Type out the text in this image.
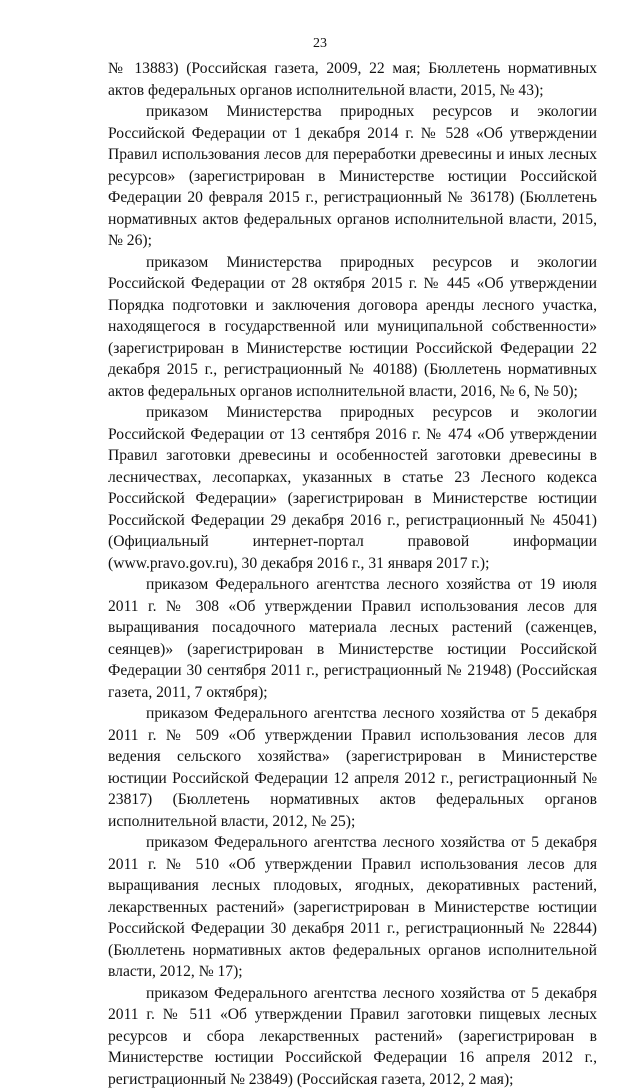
23

№ 13883) (Российская газета, 2009, 22 мая; Бюллетень нормативных актов федеральных органов исполнительной власти, 2015, № 43);

приказом Министерства природных ресурсов и экологии Российской Федерации от 1 декабря 2014 г. № 528 «Об утверждении Правил использования лесов для переработки древесины и иных лесных ресурсов» (зарегистрирован в Министерстве юстиции Российской Федерации 20 февраля 2015 г., регистрационный № 36178) (Бюллетень нормативных актов федеральных органов исполнительной власти, 2015, № 26);

приказом Министерства природных ресурсов и экологии Российской Федерации от 28 октября 2015 г. № 445 «Об утверждении Порядка подготовки и заключения договора аренды лесного участка, находящегося в государственной или муниципальной собственности» (зарегистрирован в Министерстве юстиции Российской Федерации 22 декабря 2015 г., регистрационный № 40188) (Бюллетень нормативных актов федеральных органов исполнительной власти, 2016, № 6, № 50);

приказом Министерства природных ресурсов и экологии Российской Федерации от 13 сентября 2016 г. № 474 «Об утверждении Правил заготовки древесины и особенностей заготовки древесины в лесничествах, лесопарках, указанных в статье 23 Лесного кодекса Российской Федерации» (зарегистрирован в Министерстве юстиции Российской Федерации 29 декабря 2016 г., регистрационный № 45041) (Официальный интернет-портал правовой информации (www.pravo.gov.ru), 30 декабря 2016 г., 31 января 2017 г.);

приказом Федерального агентства лесного хозяйства от 19 июля 2011 г. № 308 «Об утверждении Правил использования лесов для выращивания посадочного материала лесных растений (саженцев, сеянцев)» (зарегистрирован в Министерстве юстиции Российской Федерации 30 сентября 2011 г., регистрационный № 21948) (Российская газета, 2011, 7 октября);

приказом Федерального агентства лесного хозяйства от 5 декабря 2011 г. № 509 «Об утверждении Правил использования лесов для ведения сельского хозяйства» (зарегистрирован в Министерстве юстиции Российской Федерации 12 апреля 2012 г., регистрационный № 23817) (Бюллетень нормативных актов федеральных органов исполнительной власти, 2012, № 25);

приказом Федерального агентства лесного хозяйства от 5 декабря 2011 г. № 510 «Об утверждении Правил использования лесов для выращивания лесных плодовых, ягодных, декоративных растений, лекарственных растений» (зарегистрирован в Министерстве юстиции Российской Федерации 30 декабря 2011 г., регистрационный № 22844) (Бюллетень нормативных актов федеральных органов исполнительной власти, 2012, № 17);

приказом Федерального агентства лесного хозяйства от 5 декабря 2011 г. № 511 «Об утверждении Правил заготовки пищевых лесных ресурсов и сбора лекарственных растений» (зарегистрирован в Министерстве юстиции Российской Федерации 16 апреля 2012 г., регистрационный № 23849) (Российская газета, 2012, 2 мая);
